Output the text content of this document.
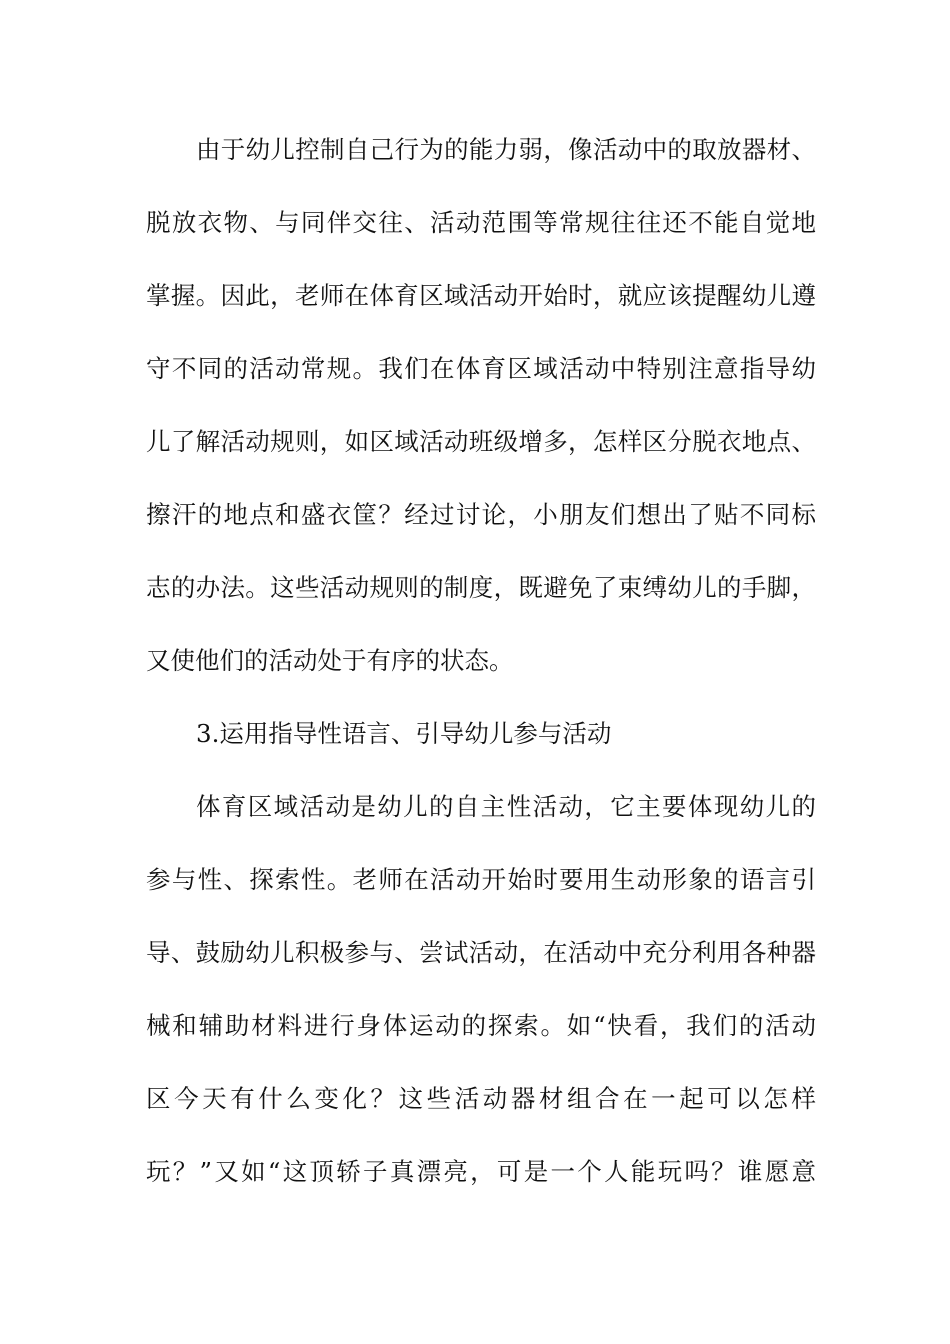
由于幼儿控制自己行为的能力弱，像活动中的取放器材、
脱放衣物、与同伴交往、活动范围等常规往往还不能自觉地
掌握。因此，老师在体育区域活动开始时，就应该提醒幼儿遵
守不同的活动常规。我们在体育区域活动中特别注意指导幼
儿了解活动规则，如区域活动班级增多，怎样区分脱衣地点、
擦汗的地点和盛衣筐？经过讨论，小朋友们想出了贴不同标
志的办法。这些活动规则的制度，既避免了束缚幼儿的手脚，
又使他们的活动处于有序的状态。
3.运用指导性语言、引导幼儿参与活动
体育区域活动是幼儿的自主性活动，它主要体现幼儿的
参与性、探索性。老师在活动开始时要用生动形象的语言引
导、鼓励幼儿积极参与、尝试活动，在活动中充分利用各种器
械和辅助材料进行身体运动的探索。如“快看，我们的活动
区今天有什么变化？这些活动器材组合在一起可以怎样
玩？”又如“这顶轿子真漂亮，可是一个人能玩吗？谁愿意
